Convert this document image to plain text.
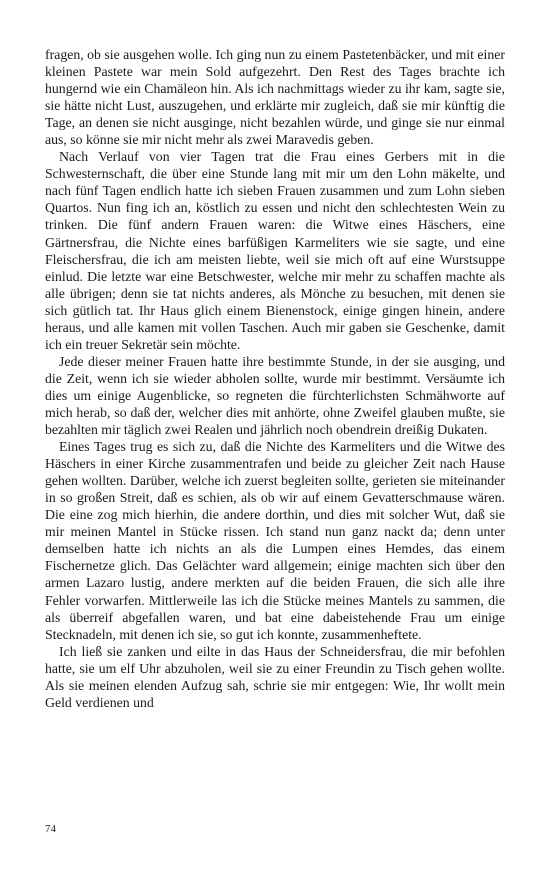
fragen, ob sie ausgehen wolle. Ich ging nun zu einem Pastetenbäcker, und mit einer kleinen Pastete war mein Sold aufgezehrt. Den Rest des Tages brachte ich hungernd wie ein Chamäleon hin. Als ich nachmittags wieder zu ihr kam, sagte sie, sie hätte nicht Lust, auszugehen, und erklärte mir zugleich, daß sie mir künftig die Tage, an denen sie nicht ausginge, nicht bezahlen würde, und ginge sie nur einmal aus, so könne sie mir nicht mehr als zwei Maravedis geben.

Nach Verlauf von vier Tagen trat die Frau eines Gerbers mit in die Schwesternschaft, die über eine Stunde lang mit mir um den Lohn mäkelte, und nach fünf Tagen endlich hatte ich sieben Frauen zusammen und zum Lohn sieben Quartos. Nun fing ich an, köstlich zu essen und nicht den schlechtesten Wein zu trinken. Die fünf andern Frauen waren: die Witwe eines Häschers, eine Gärtnersfrau, die Nichte eines barfüßigen Karmeliters wie sie sagte, und eine Fleischersfrau, die ich am meisten liebte, weil sie mich oft auf eine Wurstsuppe einlud. Die letzte war eine Betschwester, welche mir mehr zu schaffen machte als alle übrigen; denn sie tat nichts anderes, als Mönche zu besuchen, mit denen sie sich gütlich tat. Ihr Haus glich einem Bienenstock, einige gingen hinein, andere heraus, und alle kamen mit vollen Taschen. Auch mir gaben sie Geschenke, damit ich ein treuer Sekretär sein möchte.

Jede dieser meiner Frauen hatte ihre bestimmte Stunde, in der sie ausging, und die Zeit, wenn ich sie wieder abholen sollte, wurde mir bestimmt. Versäumte ich dies um einige Augenblicke, so regneten die fürchterlichsten Schmähworte auf mich herab, so daß der, welcher dies mit anhörte, ohne Zweifel glauben mußte, sie bezahlten mir täglich zwei Realen und jährlich noch obendrein dreißig Dukaten.

Eines Tages trug es sich zu, daß die Nichte des Karmeliters und die Witwe des Häschers in einer Kirche zusammentrafen und beide zu gleicher Zeit nach Hause gehen wollten. Darüber, welche ich zuerst begleiten sollte, gerieten sie miteinander in so großen Streit, daß es schien, als ob wir auf einem Gevatterschmause wären. Die eine zog mich hierhin, die andere dorthin, und dies mit solcher Wut, daß sie mir meinen Mantel in Stücke rissen. Ich stand nun ganz nackt da; denn unter demselben hatte ich nichts an als die Lumpen eines Hemdes, das einem Fischernetze glich. Das Gelächter ward allgemein; einige machten sich über den armen Lazaro lustig, andere merkten auf die beiden Frauen, die sich alle ihre Fehler vorwarfen. Mittlerweile las ich die Stücke meines Mantels zu sammen, die als überreif abgefallen waren, und bat eine dabeistehende Frau um einige Stecknadeln, mit denen ich sie, so gut ich konnte, zusammenheftete.

Ich ließ sie zanken und eilte in das Haus der Schneidersfrau, die mir befohlen hatte, sie um elf Uhr abzuholen, weil sie zu einer Freundin zu Tisch gehen wollte. Als sie meinen elenden Aufzug sah, schrie sie mir entgegen: Wie, Ihr wollt mein Geld verdienen und

74
